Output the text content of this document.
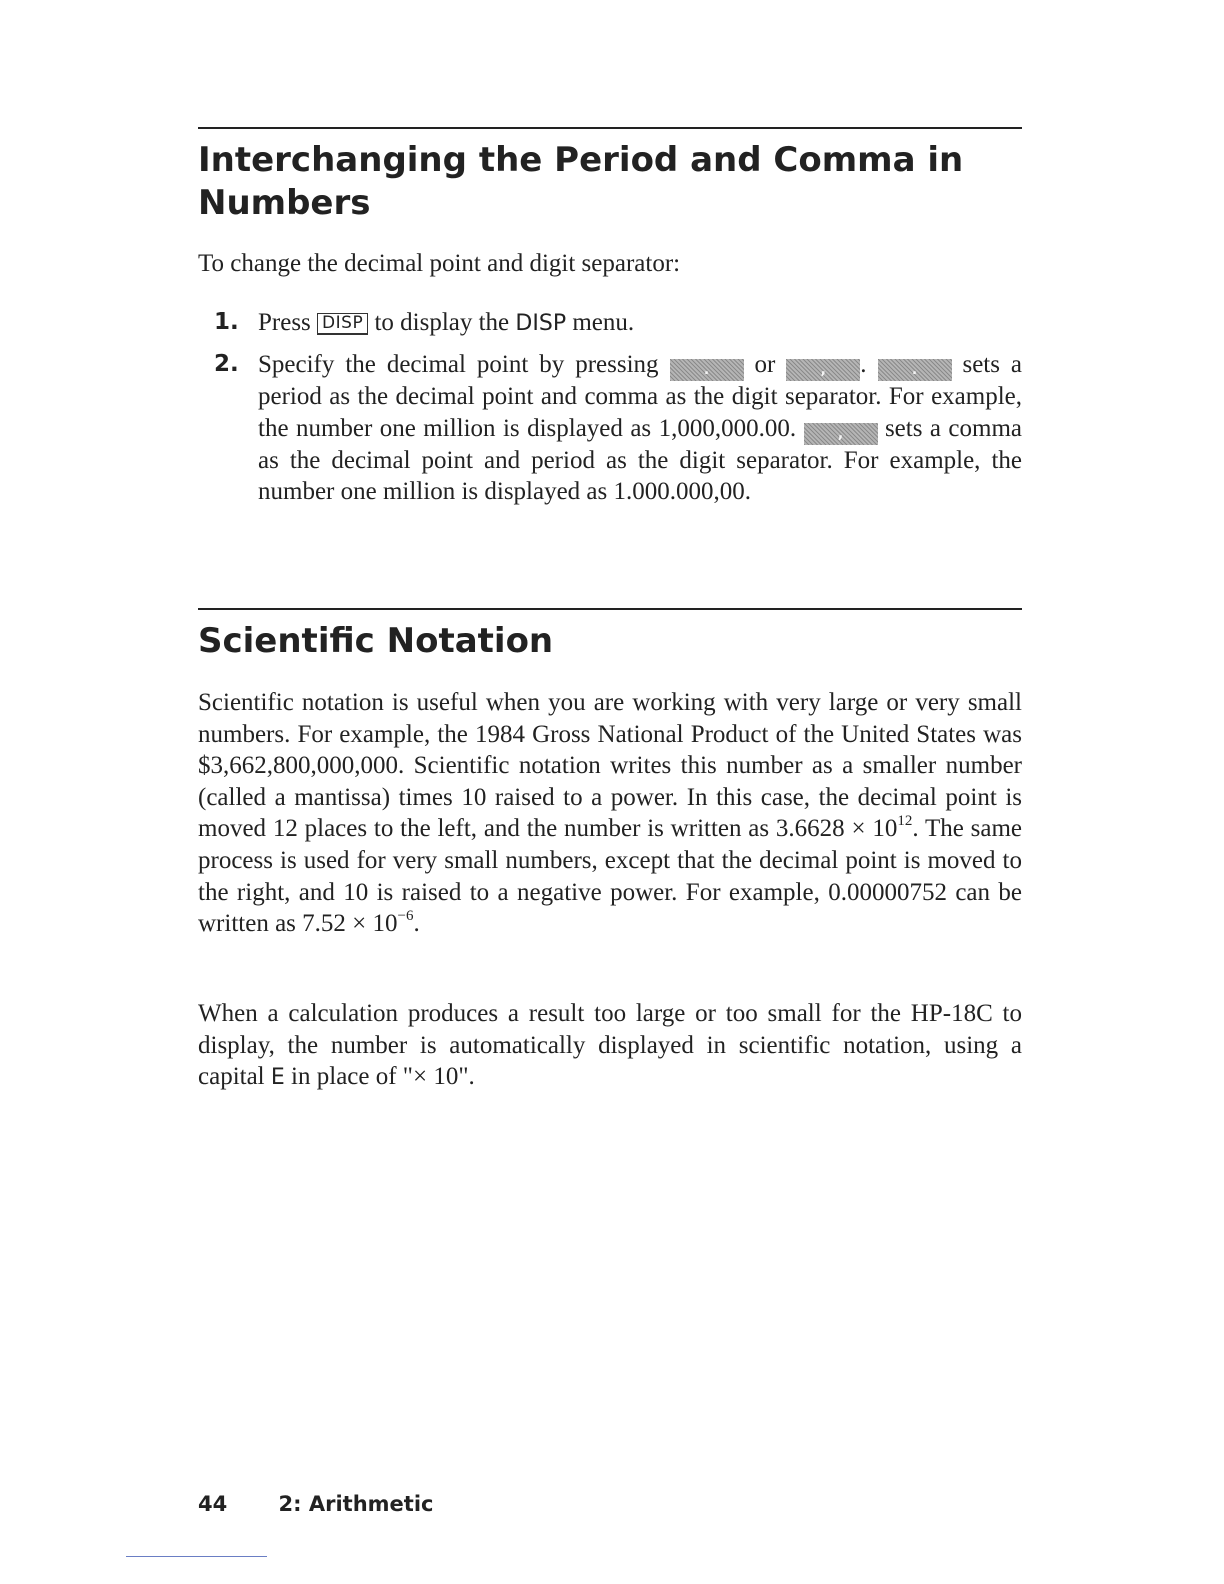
Interchanging the Period and Comma in Numbers

To change the decimal point and digit separator:

1. Press DISP to display the DISP menu.
2. Specify the decimal point by pressing	. or	, .	. sets a period as the decimal point and comma as the digit separator. For example, the number one million is displayed as 1,000,000.00.	, sets a comma as the decimal point and period as the digit separator. For example, the number one million is displayed as 1.000.000,00.
Scientific Notation

Scientific notation is useful when you are working with very large or very small numbers. For example, the 1984 Gross National Product of the United States was $3,662,800,000,000. Scientific notation writes this number as a smaller number (called a mantissa) times 10 raised to a power. In this case, the decimal point is moved 12 places to the left, and the number is written as $3.6628 \times 10^{12}$. The same process is used for very small numbers, except that the decimal point is moved to the right, and 10 is raised to a negative power. For example, 0.00000752 can be written as $7.52 \times 10^{-6}$.

When a calculation produces a result too large or too small for the HP-18C to display, the number is automatically displayed in scientific notation, using a capital E in place of "× 10".

44 2: Arithmetic
